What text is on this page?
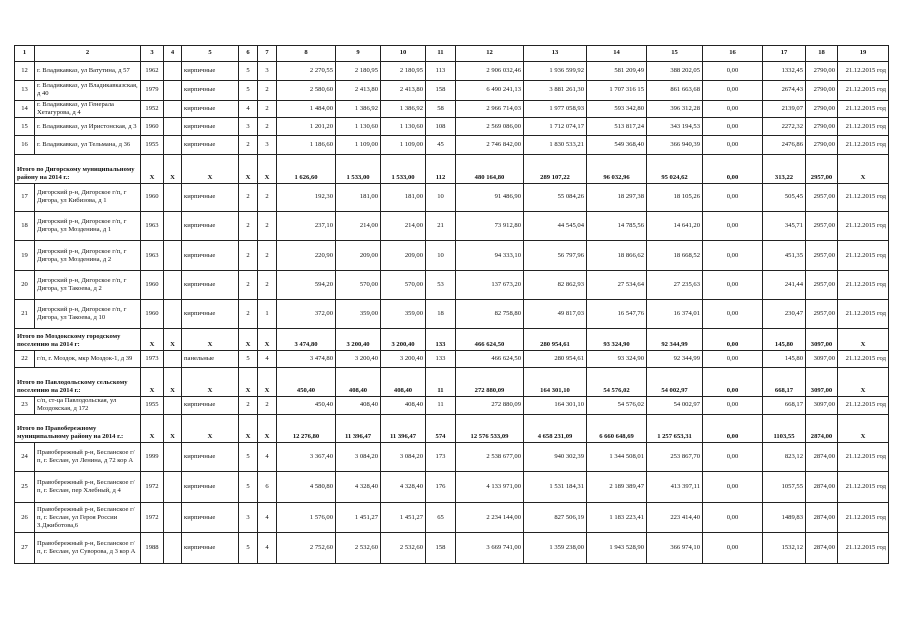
1	2	3	4	5	6	7	8	9	10	11	12	13	14	15	16	17	18	19
12	г. Владикавказ, ул Ватутина, д 57	1962		кирпичные	5	3	2 270,55	2 180,95	2 180,95	113	2 906 032,46	1 936 599,92	581 209,49	388 202,05	0,00	1332,45	2790,00	21.12.2015 год
13	г. Владикавказ, ул Владикавказская, д 40	1979		кирпичные	5	2	2 580,60	2 413,80	2 413,80	158	6 490 241,13	3 881 261,30	1 707 316 15	861 663,68	0,00	2674,43	2790,00	21.12.2015 год
14	г. Владикавказ, ул Генерала Хетагурова, д 4	1952		кирпичные	4	2	1 484,00	1 386,92	1 386,92	58	2 966 714,03	1 977 058,93	593 342,80	396 312,28	0,00	2139,07	2790,00	21.12.2015 год
15	г. Владикавказ, ул Иристонская, д 3	1960		кирпичные	3	2	1 201,20	1 130,60	1 130,60	108	2 569 086,00	1 712 074,17	513 817,24	343 194,53	0,00	2272,32	2790,00	21.12.2015 год
16	г. Владикавказ, ул Тельмана, д 36	1955		кирпичные	2	3	1 186,60	1 109,00	1 109,00	45	2 746 842,00	1 830 533,21	549 368,40	366 940,39	0,00	2476,86	2790,00	21.12.2015 год
Итого по Дигорскому муниципальному району на 2014 г.:		X	X	X	X	X	1 626,60	1 533,00	1 533,00	112	480 164,80	289 107,22	96 032,96	95 024,62	0,00	313,22	2957,00	X
17	Дигорский р-н, Дигорское г/п, г Дигора, ул Кибизова, д 1	1960		кирпичные	2	2	192,30	181,00	181,00	10	91 486,90	55 084,26	18 297,38	18 105,26	0,00	505,45	2957,00	21.12.2015 год
18	Дигорский р-н, Дигорское г/п, г Дигора, ул Мозденина, д 1	1963		кирпичные	2	2	237,10	214,00	214,00	21	73 912,80	44 545,04	14 785,56	14 641,20	0,00	345,71	2957,00	21.12.2015 год
19	Дигорский р-н, Дигорское г/п, г Дигора, ул Мозденина, д 2	1963		кирпичные	2	2	220,90	209,00	209,00	10	94 333,10	56 797,96	18 866,62	18 668,52	0,00	451,35	2957,00	21.12.2015 год
20	Дигорский р-н, Дигорское г/п, г Дигора, ул Такоева, д 2	1960		кирпичные	2	2	594,20	570,00	570,00	53	137 673,20	82 862,93	27 534,64	27 235,63	0,00	241,44	2957,00	21.12.2015 год
21	Дигорский р-н, Дигорское г/п, г Дигора, ул Такоева, д 10	1960		кирпичные	2	1	372,00	359,00	359,00	18	82 758,80	49 817,03	16 547,76	16 374,01	0,00	230,47	2957,00	21.12.2015 год
Итого по Моздокскому городскому поселению на 2014 г:		X	X	X	X	X	3 474,80	3 200,40	3 200,40	133	466 624,50	280 954,61	93 324,90	92 344,99	0,00	145,80	3097,00	X
22	г/п, г. Моздок, мкр Моздок-1, д 39	1973		панельные	5	4	3 474,80	3 200,40	3 200,40	133	466 624,50	280 954,61	93 324,90	92 344,99	0,00	145,80	3097,00	21.12.2015 год
Итого по Павлодольскому сельскому поселению на 2014 г.:		X	X	X	X	X	450,40	408,40	408,40	11	272 880,09	164 301,10	54 576,02	54 002,97	0,00	668,17	3097,00	X
23	с/п, ст-ца Павлодольская, ул Моздокская, д 172	1955		кирпичные	2	2	450,40	408,40	408,40	11	272 880,09	164 301,10	54 576,02	54 002,97	0,00	668,17	3097,00	21.12.2015 год
Итого по Правобережному муниципальному району на 2014 г.:		X	X	X	X	X	12 276,80	11 396,47	11 396,47	574	12 576 533,09	4 658 231,09	6 660 648,69	1 257 653,31	0,00	1103,55	2874,00	X
24	Правобережный р-н, Бесланское г/п, г. Беслан, ул Ленина, д 72 кор А	1999		кирпичные	5	4	3 367,40	3 084,20	3 084,20	173	2 538 677,00	940 302,39	1 344 508,01	253 867,70	0,00	823,12	2874,00	21.12.2015 год
25	Правобережный р-н, Бесланское г/п, г. Беслан, пер Хлебный, д 4	1972		кирпичные	5	6	4 580,80	4 328,40	4 328,40	176	4 133 971,00	1 531 184,31	2 189 389,47	413 397,11	0,00	1057,55	2874,00	21.12.2015 год
26	Правобережный р-н, Бесланское г/п, г. Беслан, ул Героя России З.Джиботова,6	1972		кирпичные	3	4	1 576,00	1 451,27	1 451,27	65	2 234 144,00	827 506,19	1 183 223,41	223 414,40	0,00	1489,83	2874,00	21.12.2015 год
27	Правобережный р-н, Бесланское г/п, г. Беслан, ул Суворова, д 3 кор А	1988		кирпичные	5	4	2 752,60	2 532,60	2 532,60	158	3 669 741,00	1 359 238,00	1 943 528,90	366 974,10	0,00	1532,12	2874,00	21.12.2015 год
